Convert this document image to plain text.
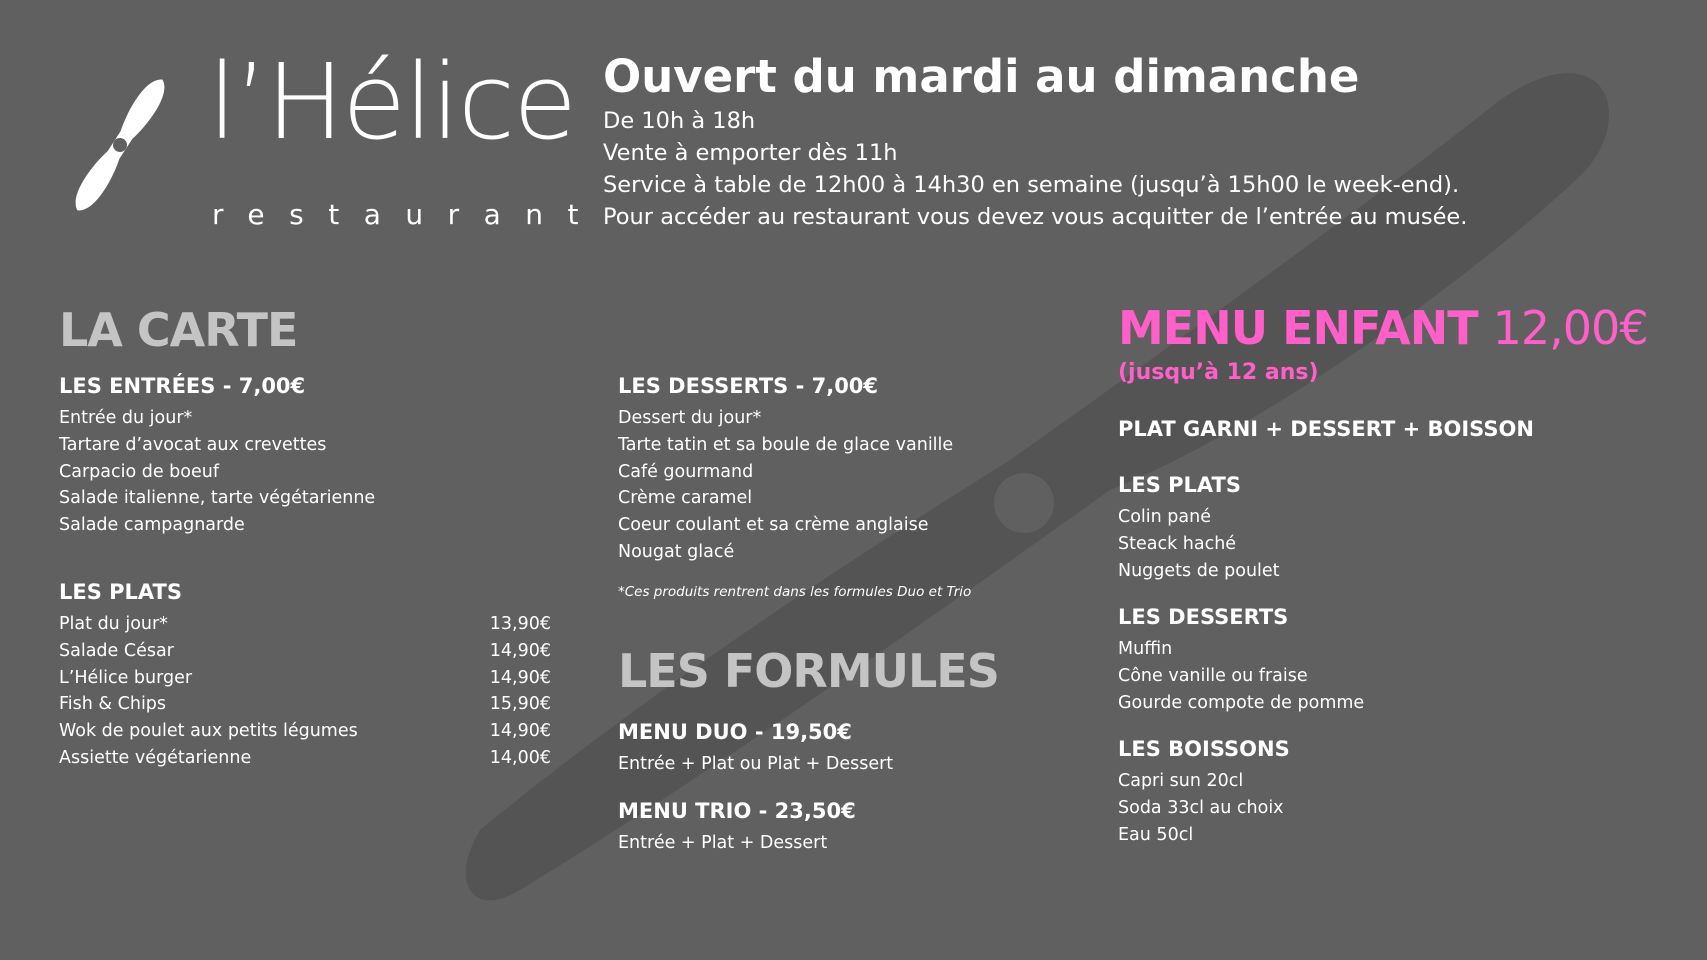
l’Hélice
restaurant
Ouvert du mardi au dimanche
De 10h à 18h
Vente à emporter dès 11h
Service à table de 12h00 à 14h30 en semaine (jusqu’à 15h00 le week-end).
Pour accéder au restaurant vous devez vous acquitter de l’entrée au musée.
LA CARTE
LES ENTRÉES - 7,00€
Entrée du jour*
Tartare d’avocat aux crevettes
Carpacio de boeuf
Salade italienne, tarte végétarienne
Salade campagnarde
LES PLATS
Plat du jour*	13,90€
Salade César	14,90€
L’Hélice burger	14,90€
Fish & Chips	15,90€
Wok de poulet aux petits légumes	14,90€
Assiette végétarienne	14,00€
LES DESSERTS - 7,00€
Dessert du jour*
Tarte tatin et sa boule de glace vanille
Café gourmand
Crème caramel
Coeur coulant et sa crème anglaise
Nougat glacé
*Ces produits rentrent dans les formules Duo et Trio
LES FORMULES
MENU DUO - 19,50€
Entrée + Plat ou Plat + Dessert
MENU TRIO - 23,50€
Entrée + Plat + Dessert
MENU ENFANT 12,00€
(jusqu’à 12 ans)
PLAT GARNI + DESSERT + BOISSON
LES PLATS
Colin pané
Steack haché
Nuggets de poulet
LES DESSERTS
Muffin
Cône vanille ou fraise
Gourde compote de pomme
LES BOISSONS
Capri sun 20cl
Soda 33cl au choix
Eau 50cl
